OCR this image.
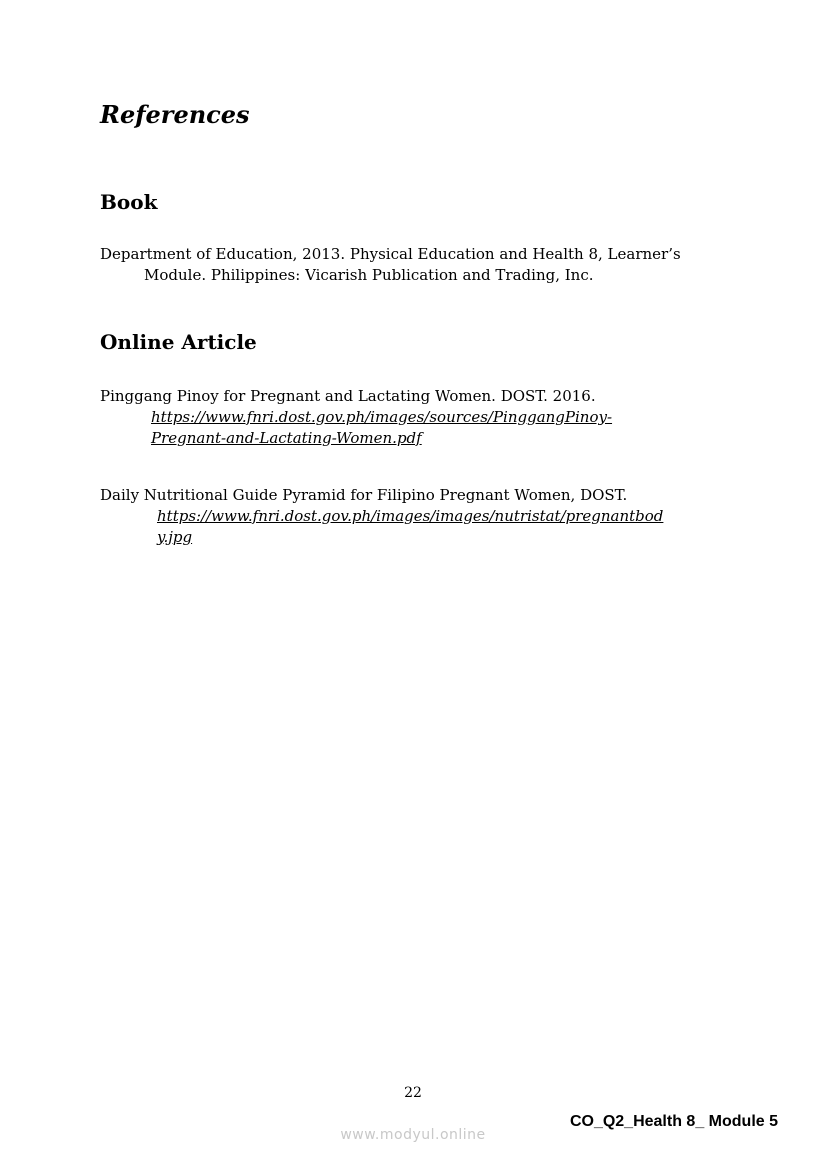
References
Book

Department of Education, 2013. Physical Education and Health 8, Learner’s
Module. Philippines: Vicarish Publication and Trading, Inc.

Online Article

Pinggang Pinoy for Pregnant and Lactating Women. DOST. 2016.
https://www.fnri.dost.gov.ph/images/sources/PinggangPinoy-
Pregnant-and-Lactating-Women.pdf

Daily Nutritional Guide Pyramid for Filipino Pregnant Women, DOST.
https://www.fnri.dost.gov.ph/images/images/nutristat/pregnantbod
y.jpg

22
CO_Q2_Health 8_ Module 5
www.modyul.online
